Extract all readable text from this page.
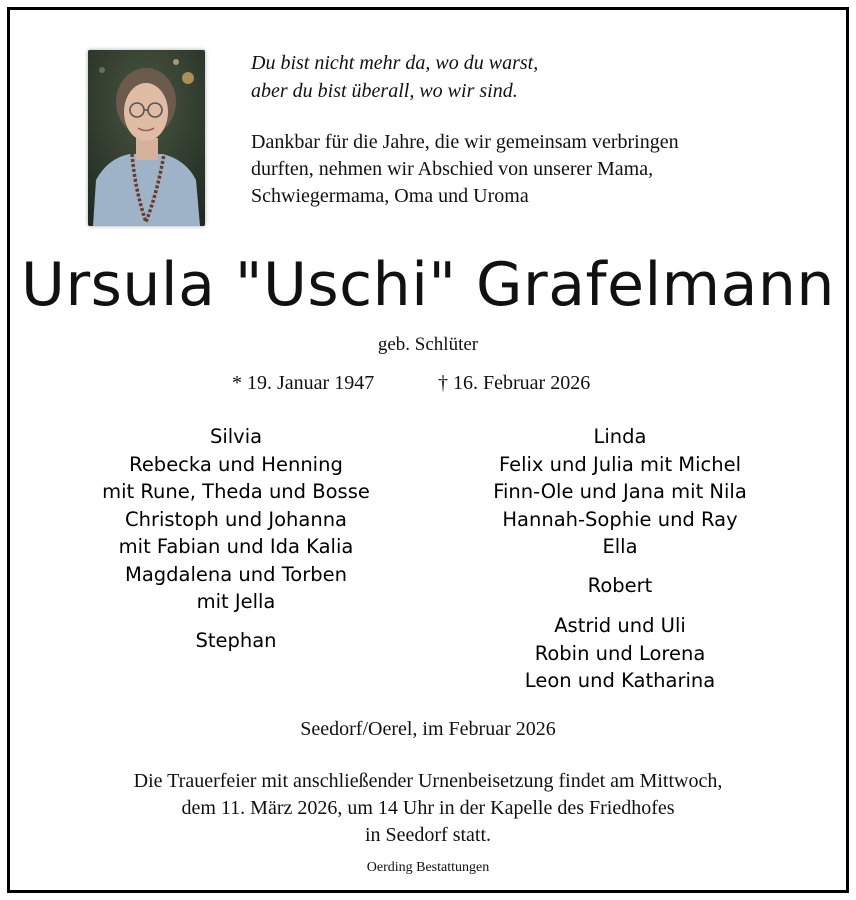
Du bist nicht mehr da, wo du warst,
aber du bist überall, wo wir sind.
Dankbar für die Jahre, die wir gemeinsam verbringen
durften, nehmen wir Abschied von unserer Mama,
Schwiegermama, Oma und Uroma
Ursula "Uschi" Grafelmann
geb. Schlüter
* 19. Januar 1947	† 16. Februar 2026
Silvia
Rebecka und Henning
mit Rune, Theda und Bosse
Christoph und Johanna
mit Fabian und Ida Kalia
Magdalena und Torben
mit Jella
Stephan
Linda
Felix und Julia mit Michel
Finn-Ole und Jana mit Nila
Hannah-Sophie und Ray
Ella
Robert
Astrid und Uli
Robin und Lorena
Leon und Katharina
Seedorf/Oerel, im Februar 2026
Die Trauerfeier mit anschließender Urnenbeisetzung findet am Mittwoch,
dem 11. März 2026, um 14 Uhr in der Kapelle des Friedhofes
in Seedorf statt.
Oerding Bestattungen
